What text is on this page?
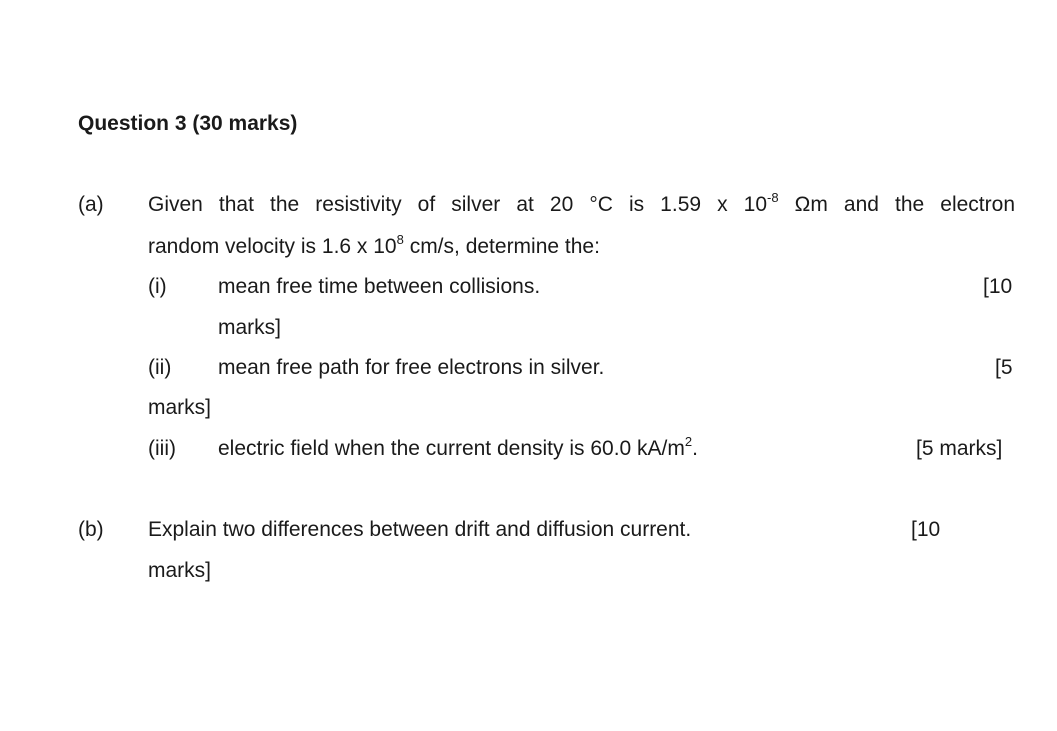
Question 3 (30 marks)
(a) Given that the resistivity of silver at 20 °C is 1.59 x $10^{-8}$ Ωm and the electron
random velocity is 1.6 x $10^8$ cm/s, determine the:
(i) mean free time between collisions.	[10
marks]
(ii) mean free path for free electrons in silver.	[5
marks]
(iii) electric field when the current density is 60.0 $kA/m^2$.	[5 marks]
(b) Explain two differences between drift and diffusion current.	[10
marks]
